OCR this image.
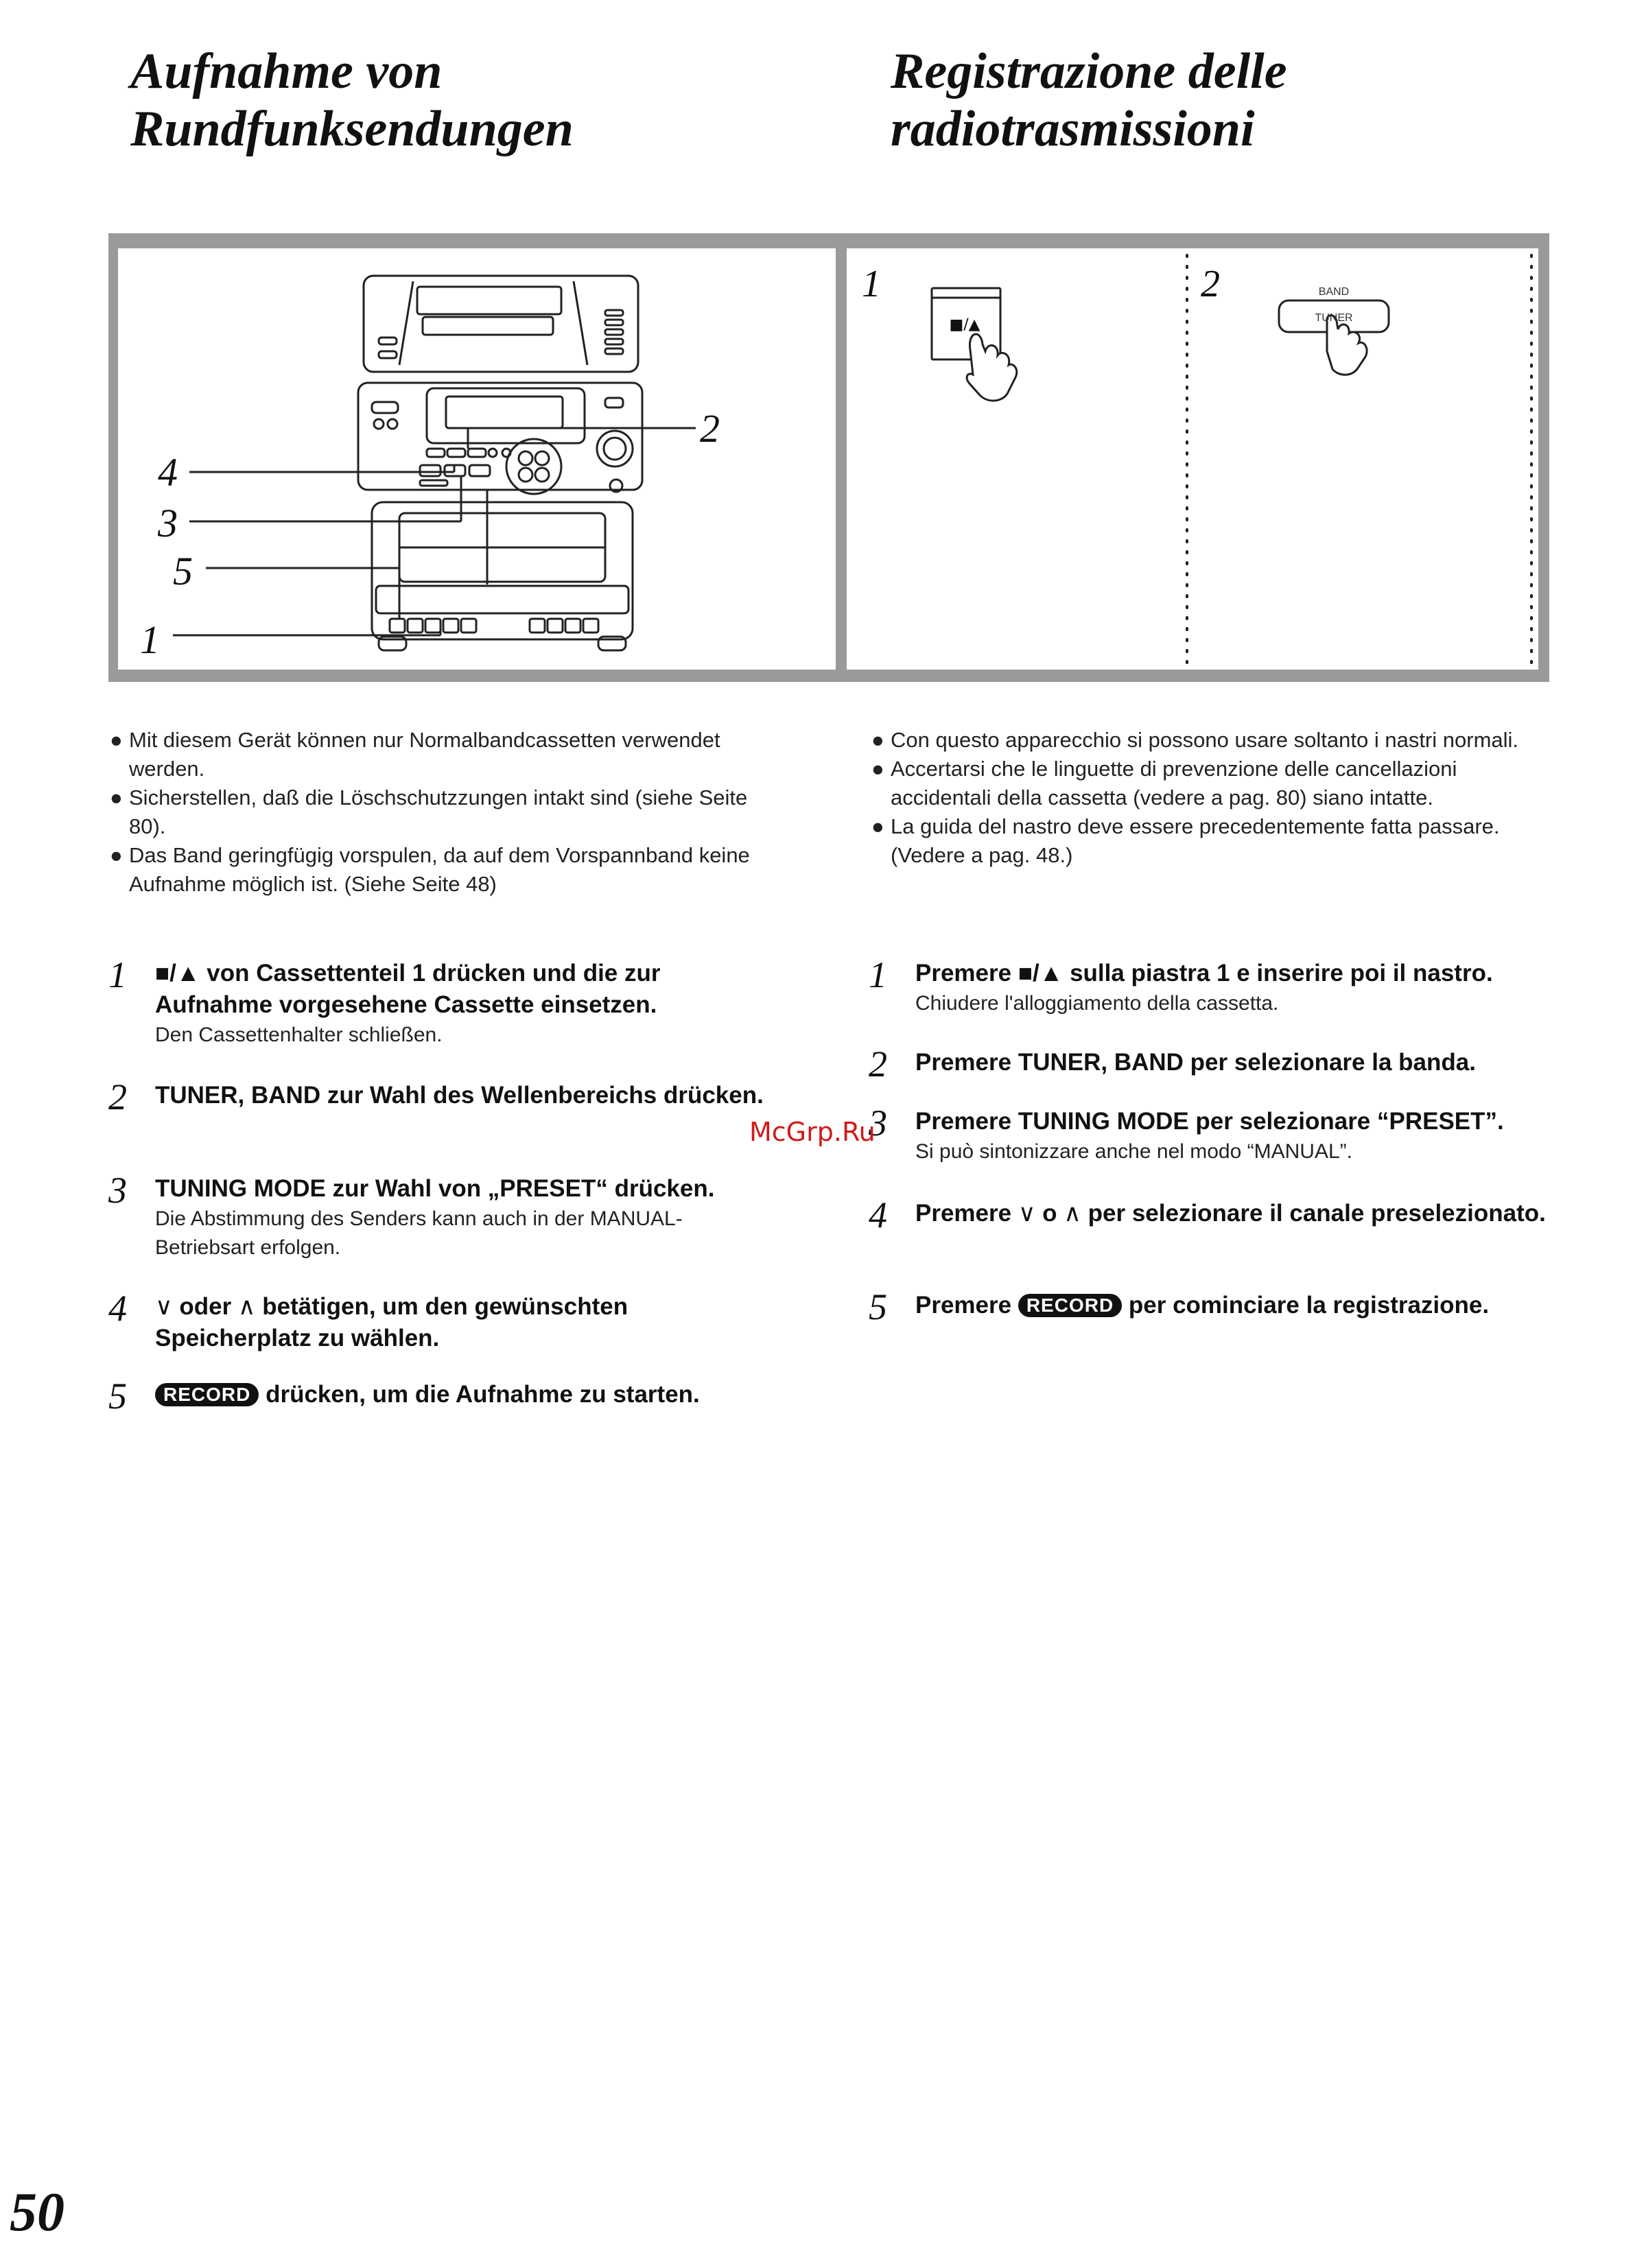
Aufnahme von
Rundfunksendungen
Registrazione delle
radiotrasmissioni
2
4
3
5
1
1	2
■/▲
BAND
TUNER
● Mit diesem Gerät können nur Normalbandcassetten verwendet werden.
● Sicherstellen, daß die Löschschutzzungen intakt sind (siehe Seite 80).
● Das Band geringfügig vorspulen, da auf dem Vorspannband keine Aufnahme möglich ist. (Siehe Seite 48)
● Con questo apparecchio si possono usare soltanto i nastri normali.
● Accertarsi che le linguette di prevenzione delle cancellazioni accidentali della cassetta (vedere a pag. 80) siano intatte.
● La guida del nastro deve essere precedentemente fatta passare. (Vedere a pag. 48.)
1 ■/▲ von Cassettenteil 1 drücken und die zur Aufnahme vorgesehene Cassette einsetzen.
Den Cassettenhalter schließen.
2 TUNER, BAND zur Wahl des Wellenbereichs drücken.
3 TUNING MODE zur Wahl von „PRESET“ drücken.
Die Abstimmung des Senders kann auch in der MANUAL-Betriebsart erfolgen.
4 ∨ oder ∧ betätigen, um den gewünschten Speicherplatz zu wählen.
5	RECORD drücken, um die Aufnahme zu starten.
1 Premere ■/▲ sulla piastra 1 e inserire poi il nastro.
Chiudere l'alloggiamento della cassetta.
2 Premere TUNER, BAND per selezionare la banda.
3 Premere TUNING MODE per selezionare “PRESET”.
Si può sintonizzare anche nel modo “MANUAL”.
4 Premere ∨ o ∧ per selezionare il canale preselezionato.
5 Premere RECORD per cominciare la registrazione.
McGrp.Ru
50
